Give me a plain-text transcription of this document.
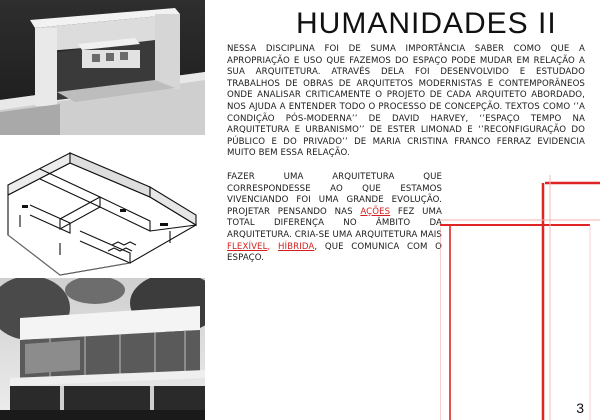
HUMANIDADES II

NESSA DISCIPLINA FOI DE SUMA IMPORTÂNCIA SABER COMO QUE A APROPRIAÇÃO E USO QUE FAZEMOS DO ESPAÇO PODE MUDAR EM RELAÇÃO A SUA ARQUITETURA. ATRAVÉS DELA FOI DESENVOLVIDO E ESTUDADO TRABALHOS DE OBRAS DE ARQUITETOS MODERNISTAS E CONTEMPORÂNEOS ONDE ANALISAR CRITICAMENTE O PROJETO DE CADA ARQUITETO ABORDADO, NOS AJUDA A ENTENDER TODO O PROCESSO DE CONCEPÇÃO. TEXTOS COMO ‘’A CONDIÇÃO PÓS-MODERNA’’ DE DAVID HARVEY, ‘’ESPAÇO TEMPO NA ARQUITETURA E URBANISMO’’ DE ESTER LIMONAD E ‘’RECONFIGURAÇÃO DO PÚBLICO E DO PRIVADO’’ DE MARIA CRISTINA FRANCO FERRAZ EVIDENCIA MUITO BEM ESSA RELAÇÃO.

FAZER UMA ARQUITETURA QUE CORRESPONDESSE AO QUE ESTAMOS VIVENCIANDO FOI UMA GRANDE EVOLUÇÃO. PROJETAR PENSANDO NAS AÇÕES FEZ UMA TOTAL DIFERENÇA NO ÂMBITO DA ARQUITETURA. CRIA-SE UMA ARQUITETURA MAIS FLEXÍVEL, HÍBRIDA, QUE COMUNICA COM O ESPAÇO.

3
